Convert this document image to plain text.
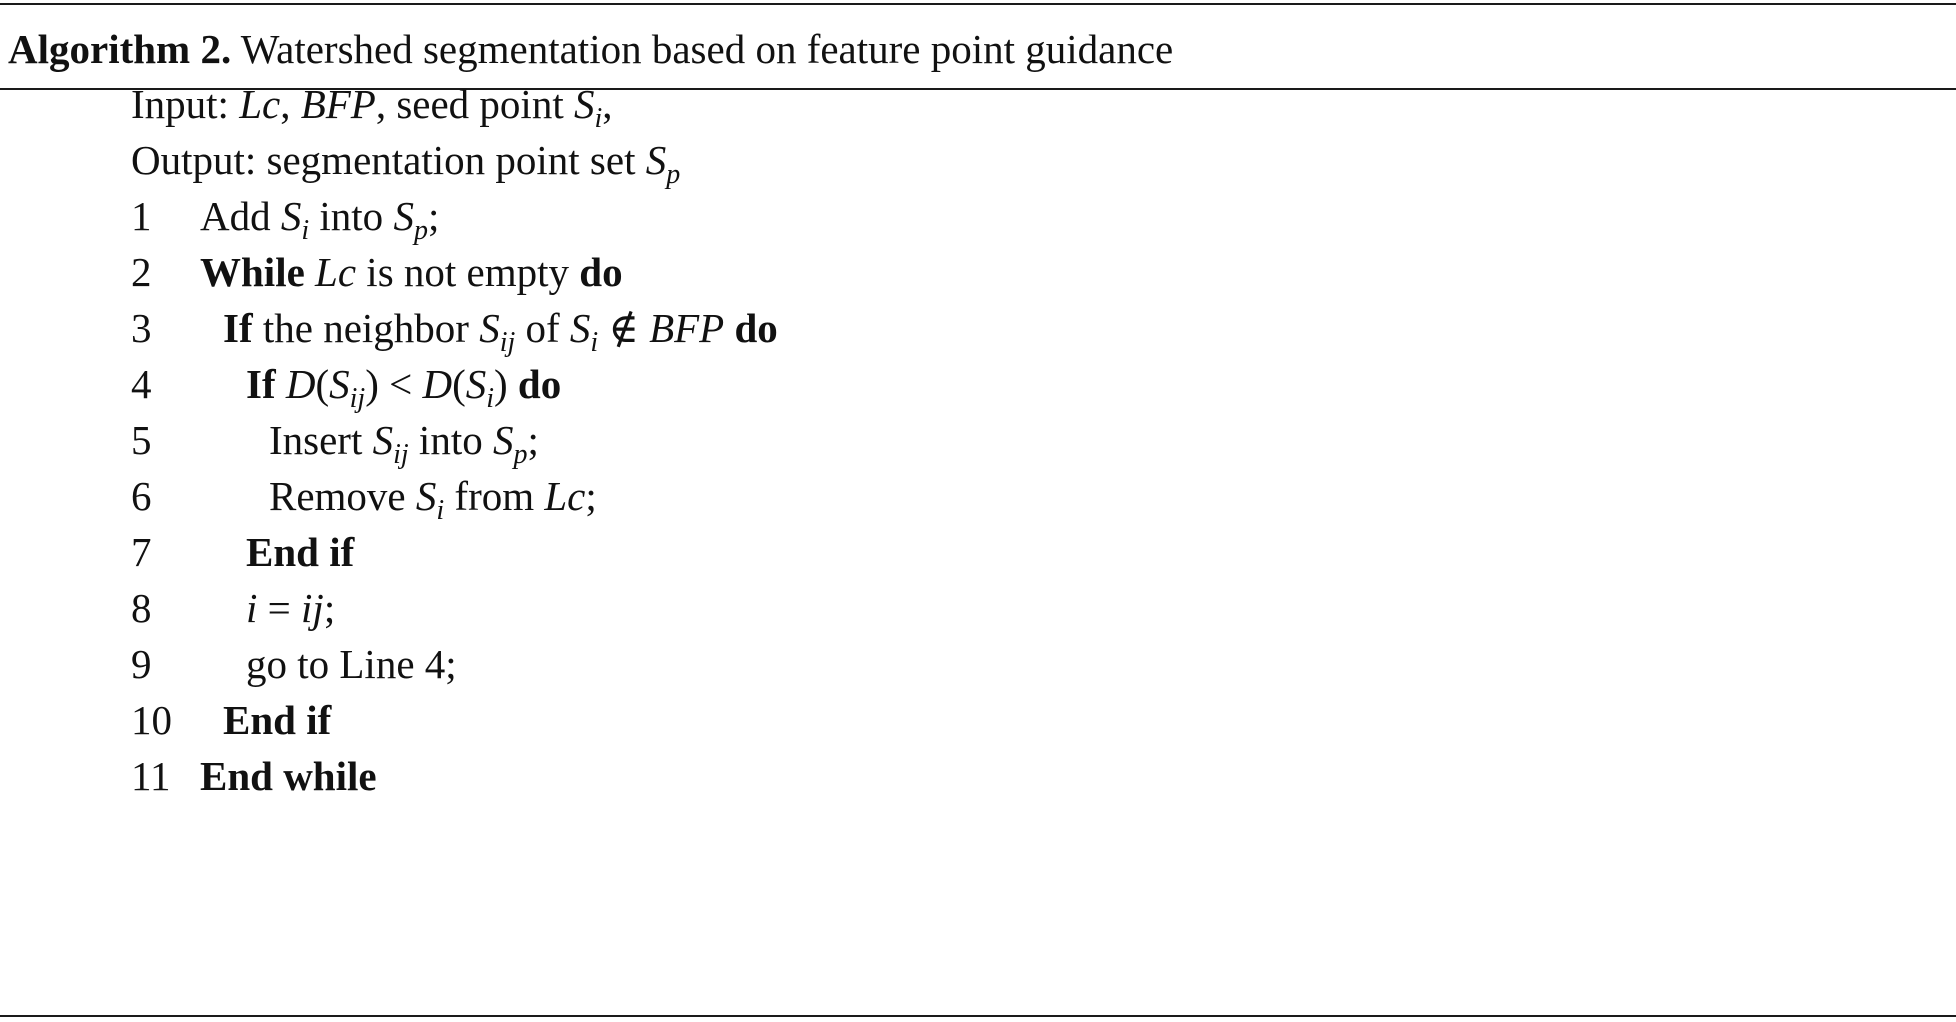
Algorithm 2. Watershed segmentation based on feature point guidance
Input: Lc, BFP, seed point $S_i$,
Output: segmentation point set $S_p$
1 Add $S_i$ into $S_p$;
2 While Lc is not empty do
3 If the neighbor $S_{ij}$ of $S_i$ ∉ BFP do
4 If $D(S_{ij}) < D(S_i)$ do
5	Insert $S_{ij}$ into $S_p$;
6	Remove $S_i$ from Lc;
7 End if
8 i = ij;
9 go to Line 4;
10 End if
11 End while
